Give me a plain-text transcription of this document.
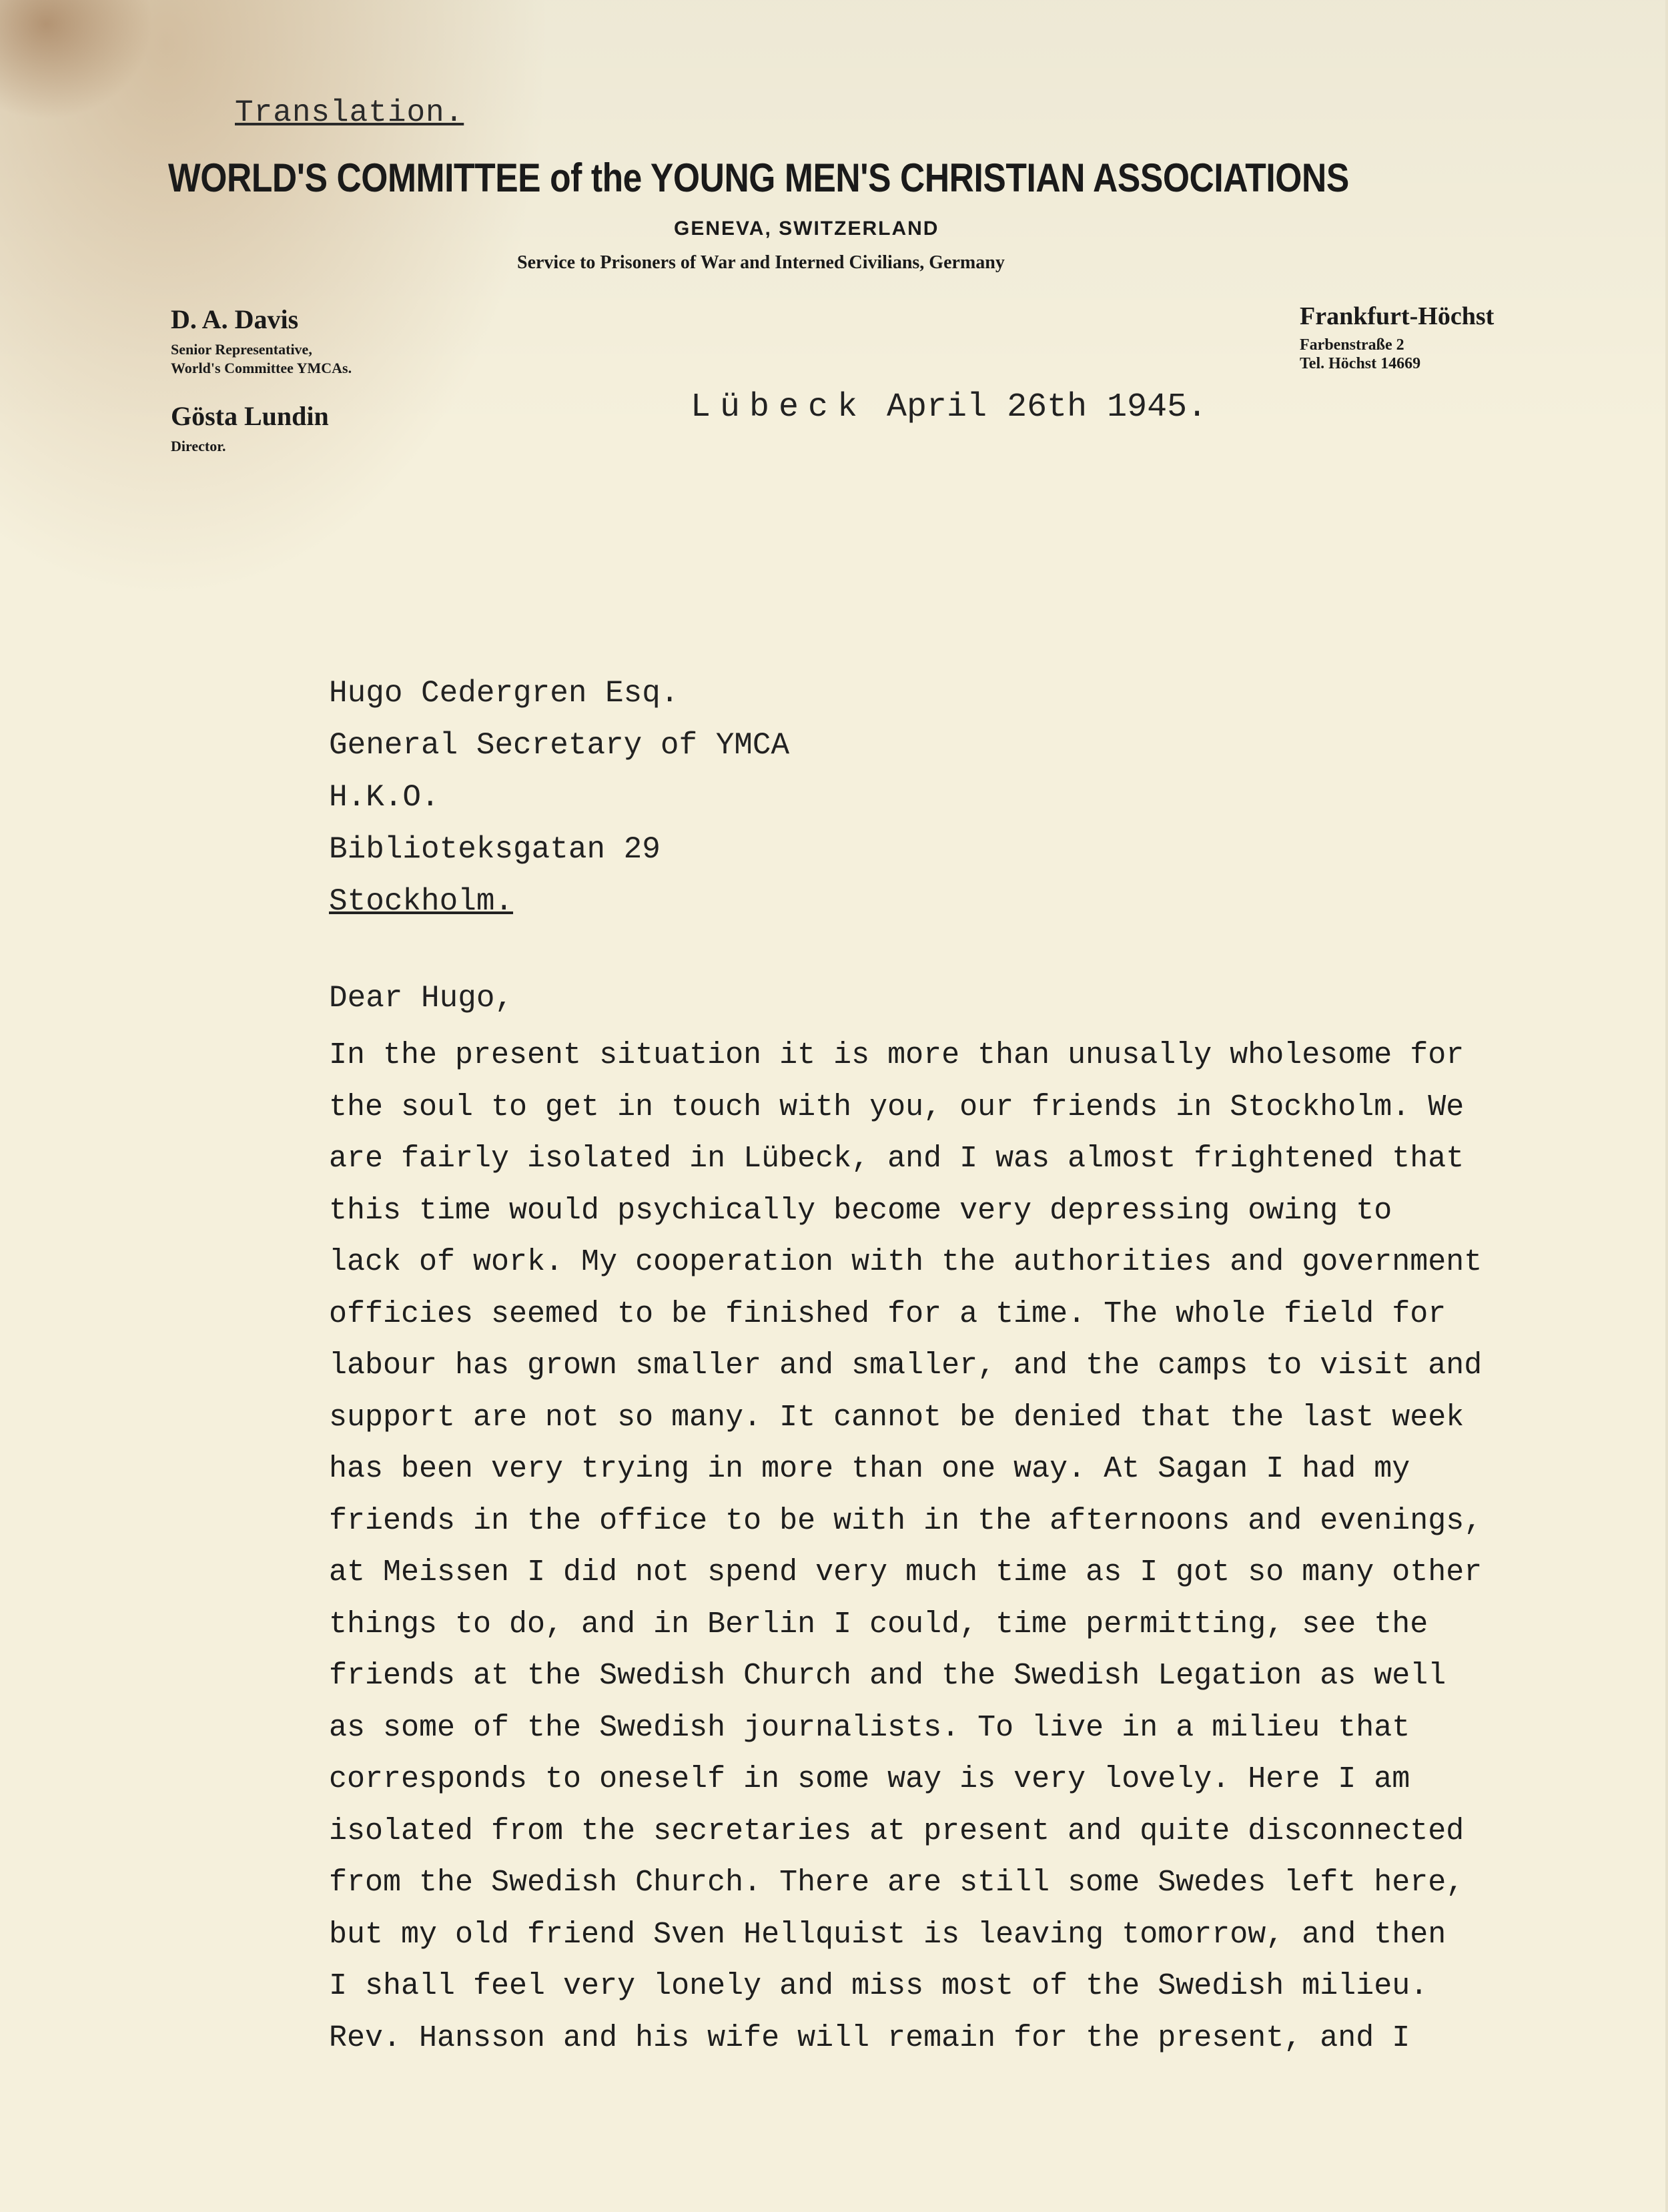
Translation.
WORLD'S COMMITTEE of the YOUNG MEN'S CHRISTIAN ASSOCIATIONS
GENEVA, SWITZERLAND
Service to Prisoners of War and Interned Civilians, Germany
D. A. Davis
Senior Representative,
World's Committee YMCAs.
Gösta Lundin
Director.
Frankfurt-Höchst
Farbenstraße 2
Tel. Höchst 14669
Lübeck April 26th 1945.
Hugo Cedergren Esq.
General Secretary of YMCA
H.K.O.
Biblioteksgatan 29
Stockholm.
Dear Hugo,
In the present situation it is more than unusally wholesome for
the soul to get in touch with you, our friends in Stockholm. We
are fairly isolated in Lübeck, and I was almost frightened that
this time would psychically become very depressing owing to
lack of work. My cooperation with the authorities and government
officies seemed to be finished for a time. The whole field for
labour has grown smaller and smaller, and the camps to visit and
support are not so many. It cannot be denied that the last week
has been very trying in more than one way. At Sagan I had my
friends in the office to be with in the afternoons and evenings,
at Meissen I did not spend very much time as I got so many other
things to do, and in Berlin I could, time permitting, see the
friends at the Swedish Church and the Swedish Legation as well
as some of the Swedish journalists. To live in a milieu that
corresponds to oneself in some way is very lovely. Here I am
isolated from the secretaries at present and quite disconnected
from the Swedish Church. There are still some Swedes left here,
but my old friend Sven Hellquist is leaving tomorrow, and then
I shall feel very lonely and miss most of the Swedish milieu.
Rev. Hansson and his wife will remain for the present, and I
